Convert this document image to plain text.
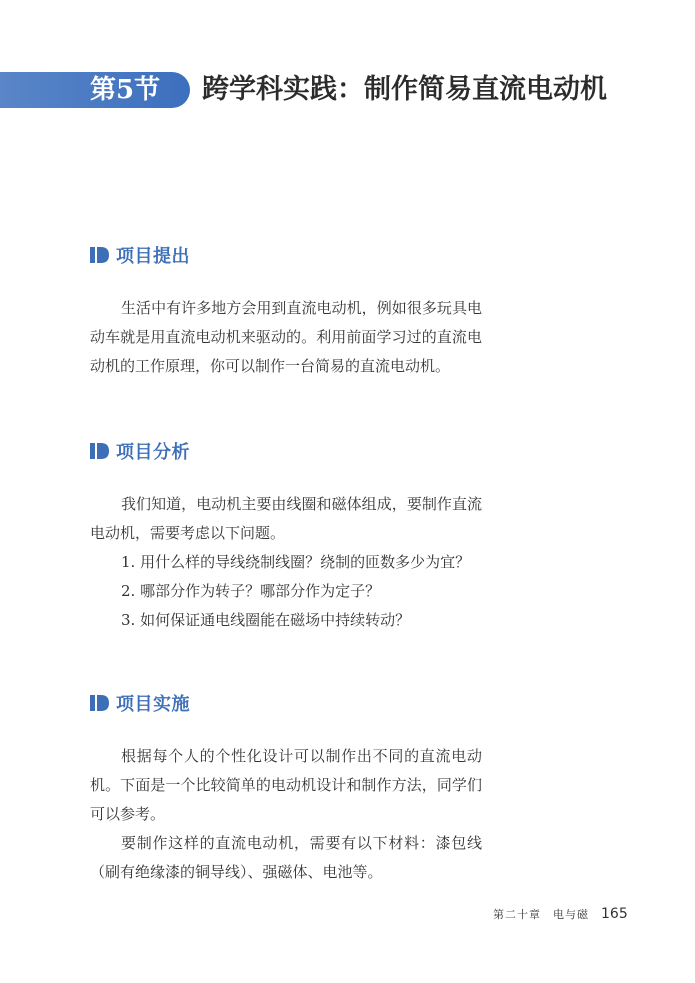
第5节 跨学科实践：制作简易直流电动机
项目提出

生活中有许多地方会用到直流电动机，例如很多玩具电动车就是用直流电动机来驱动的。利用前面学习过的直流电动机的工作原理，你可以制作一台简易的直流电动机。

项目分析

我们知道，电动机主要由线圈和磁体组成，要制作直流电动机，需要考虑以下问题。

1. 用什么样的导线绕制线圈？绕制的匝数多少为宜？

2. 哪部分作为转子？哪部分作为定子？

3. 如何保证通电线圈能在磁场中持续转动？

项目实施

根据每个人的个性化设计可以制作出不同的直流电动机。下面是一个比较简单的电动机设计和制作方法，同学们可以参考。

要制作这样的直流电动机，需要有以下材料：漆包线（刷有绝缘漆的铜导线）、强磁体、电池等。

第二十章　电与磁 165
